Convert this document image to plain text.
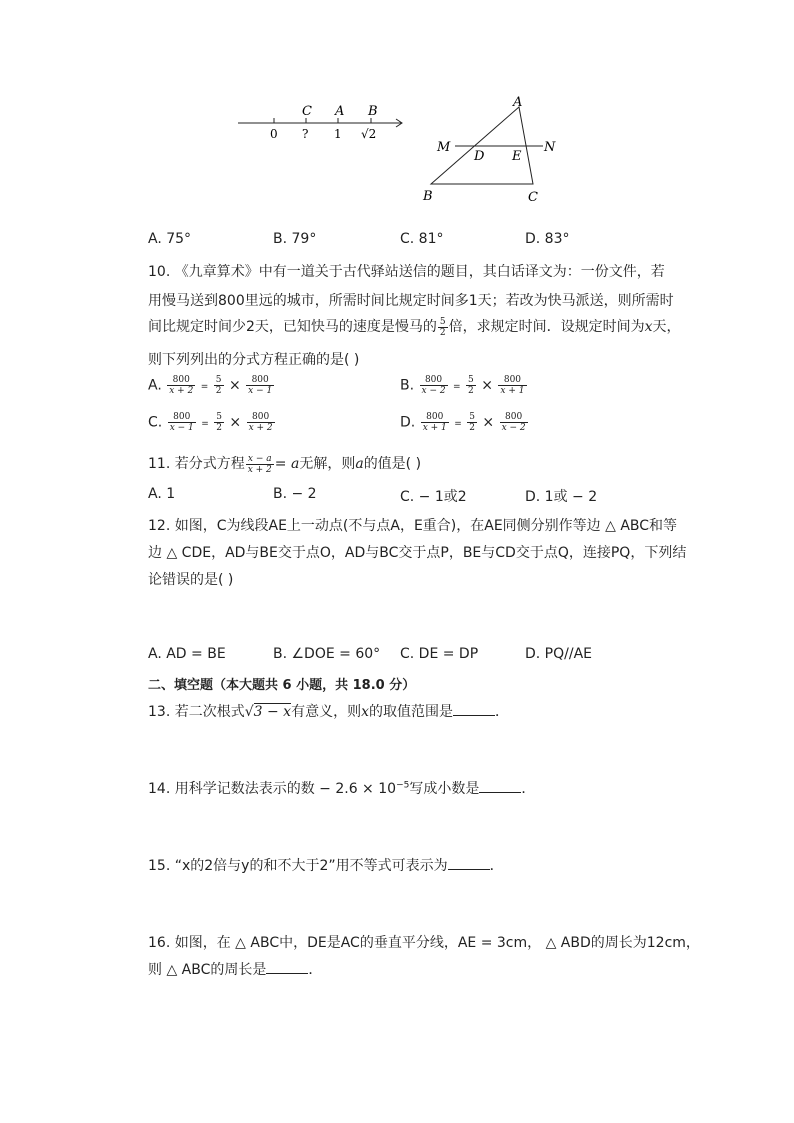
C A B
0 ? 1 √2
A
M
D E
N
B	C
A. 75°	B. 79°	C. 81°	D. 83°
10. 《九章算术》中有一道关于古代驿站送信的题目，其白话译文为：一份文件，若
用慢马送到800里远的城市，所需时间比规定时间多1天；若改为快马派送，则所需时
间比规定时间少2天，已知快马的速度是慢马的 $\frac{5}{2}$ 倍，求规定时间．设规定时间为x天，
则下列列出的分式方程正确的是( )
A. $\frac{800}{x + 2} = \frac{5}{2} \times \frac{800}{x - 1}$	B. $\frac{800}{x - 2} = \frac{5}{2} \times \frac{800}{x + 1}$
C. $\frac{800}{x - 1} = \frac{5}{2} \times \frac{800}{x + 2}$	D. $\frac{800}{x + 1} = \frac{5}{2} \times \frac{800}{x - 2}$
11. 若分式方程 $\frac{x - a}{x + 2} = a$无解，则a的值是( )
A. 1	B. − 2	C. − 1或2	D. 1或 − 2
12. 如图，C为线段AE上一动点(不与点A，E重合)，在AE同侧分别作等边 △ ABC和等
边 △ CDE，AD与BE交于点O，AD与BC交于点P，BE与CD交于点Q，连接PQ，下列结
论错误的是( )
A. AD = BE	B. ∠DOE = 60° C. DE = DP	D. PQ//AE
二、填空题（本大题共 6 小题，共 18.0 分）
13. 若二次根式√3 − x有意义，则x的取值范围是	．
14. 用科学记数法表示的数 − $2.6 \times 10^{-5}$写成小数是	．
15. “x的2倍与y的和不大于2”用不等式可表示为	．
16. 如图，在 △ ABC中，DE是AC的垂直平分线，AE = 3cm， △ ABD的周长为12cm，
则 △ ABC的周长是	．
